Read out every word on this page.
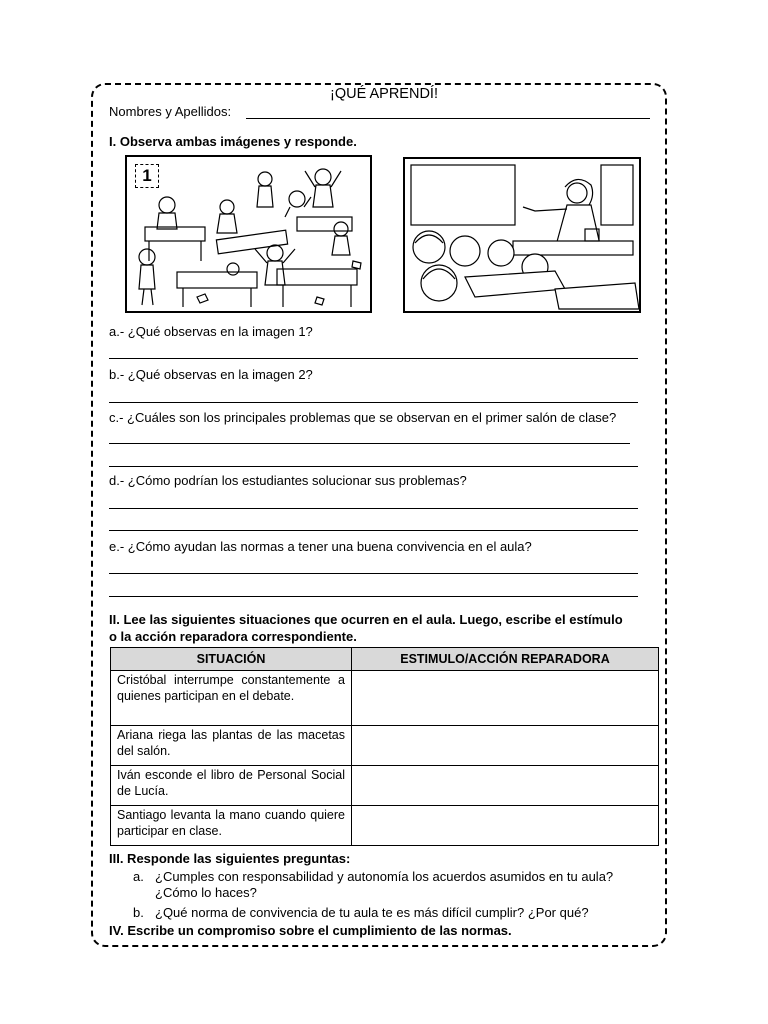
¡QUÉ APRENDÍ!
Nombres y Apellidos:
I. Observa ambas imágenes y responde.
1
a.- ¿Qué observas en la imagen 1?
b.- ¿Qué observas en la imagen 2?
c.- ¿Cuáles son los principales problemas que se observan en el primer salón de clase?
d.- ¿Cómo podrían los estudiantes solucionar sus problemas?
e.- ¿Cómo ayudan las normas a tener una buena convivencia en el aula?
II. Lee las siguientes situaciones que ocurren en el aula. Luego, escribe el estímulo
o la acción reparadora correspondiente.
SITUACIÓN	ESTIMULO/ACCIÓN REPARADORA
Cristóbal interrumpe constantemente a quienes participan en el debate.	
Ariana riega las plantas de las macetas del salón.	
Iván esconde el libro de Personal Social de Lucía.	
Santiago levanta la mano cuando quiere participar en clase.	
III. Responde las siguientes preguntas:
a. ¿Cumples con responsabilidad y autonomía los acuerdos asumidos en tu aula?
¿Cómo lo haces?
b. ¿Qué norma de convivencia de tu aula te es más difícil cumplir? ¿Por qué?
IV. Escribe un compromiso sobre el cumplimiento de las normas.
